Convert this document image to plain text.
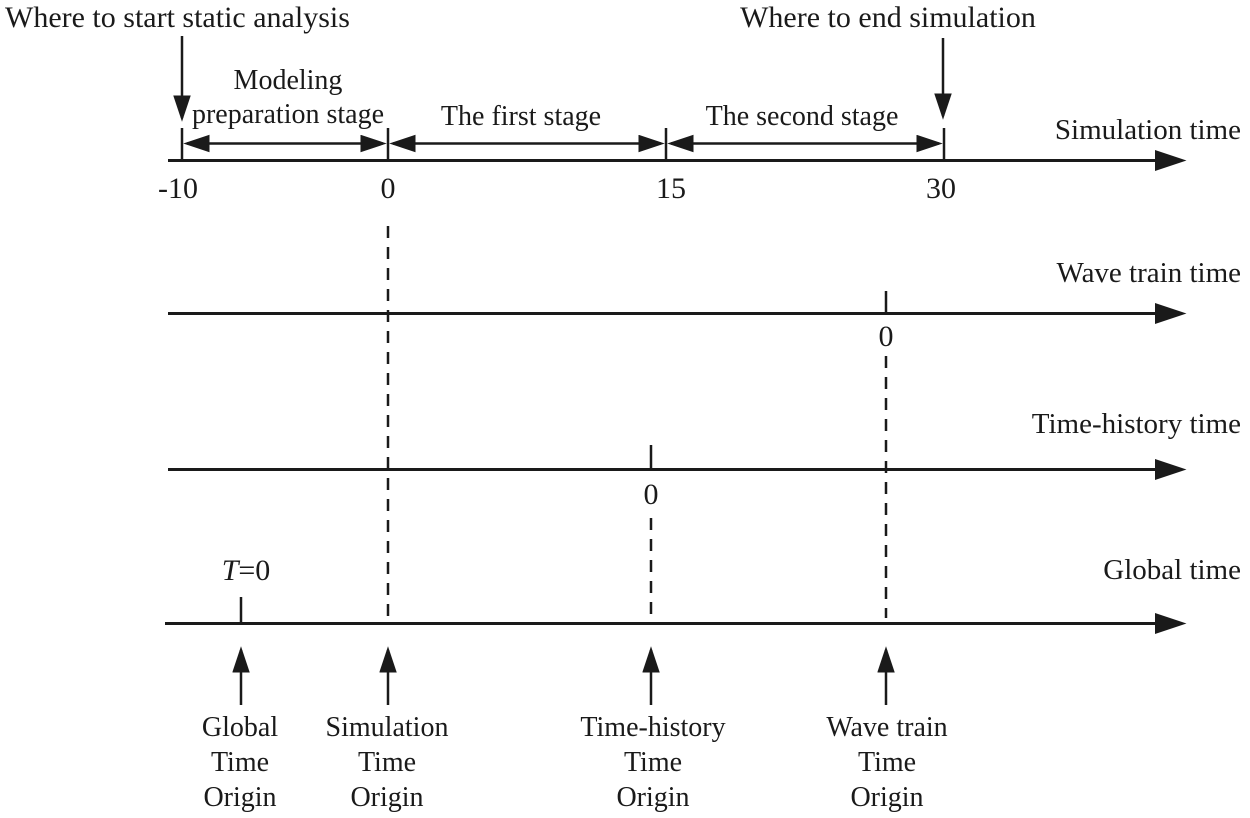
Where to start static analysis	Where to end simulation
Modeling
preparation stage The first stage	The second stage	Simulation time
Wave train time
Time-history time
Global time
-10	0	15	30
0
0
T=0
Global
Time
Origin
Simulation
Time
Origin
Time-history
Time
Origin
Wave train
Time
Origin
